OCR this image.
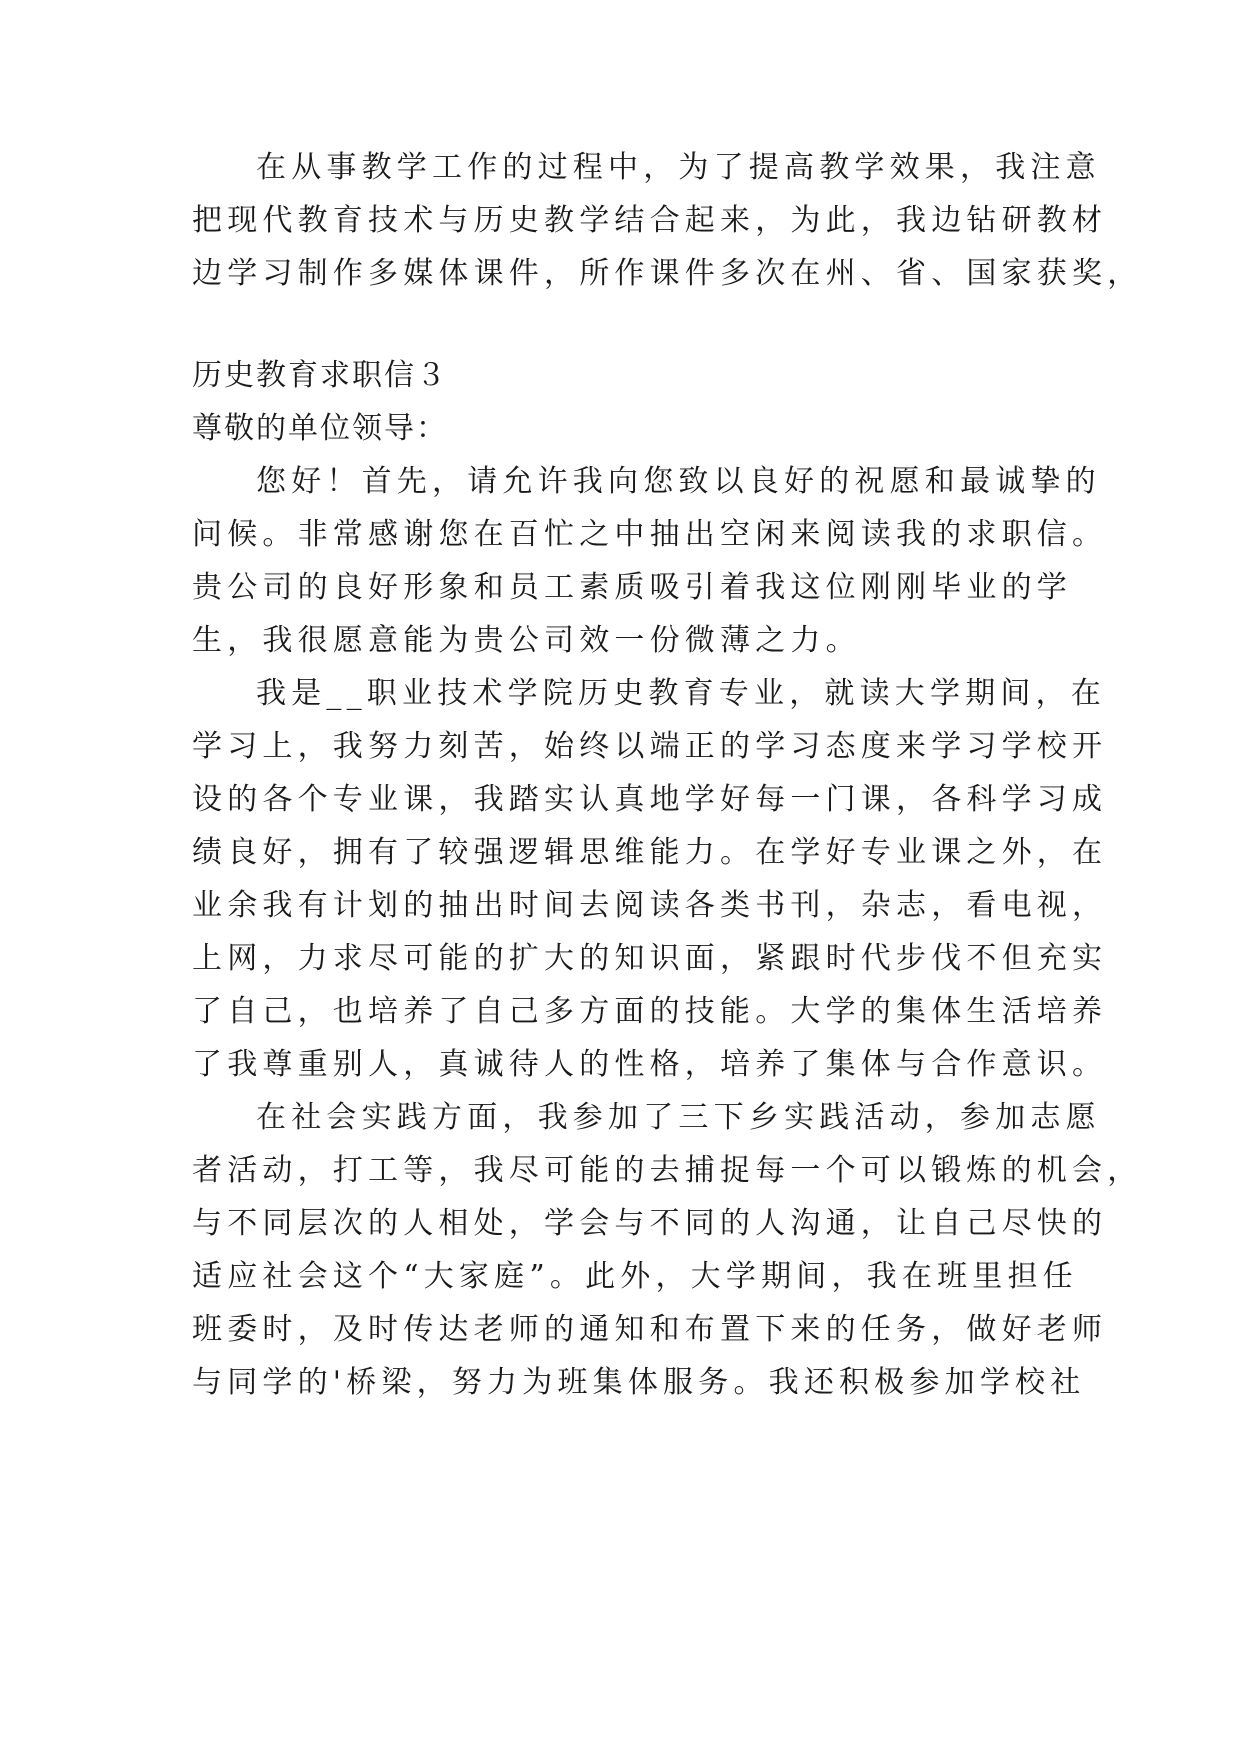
在从事教学工作的过程中，为了提高教学效果，我注意
把现代教育技术与历史教学结合起来，为此，我边钻研教材
边学习制作多媒体课件，所作课件多次在州、省、国家获奖，
历史教育求职信３
尊敬的单位领导：
您好！首先，请允许我向您致以良好的祝愿和最诚挚的
问候。非常感谢您在百忙之中抽出空闲来阅读我的求职信。
贵公司的良好形象和员工素质吸引着我这位刚刚毕业的学
生，我很愿意能为贵公司效一份微薄之力。
我是__职业技术学院历史教育专业，就读大学期间，在
学习上，我努力刻苦，始终以端正的学习态度来学习学校开
设的各个专业课，我踏实认真地学好每一门课，各科学习成
绩良好，拥有了较强逻辑思维能力。在学好专业课之外，在
业余我有计划的抽出时间去阅读各类书刊，杂志，看电视，
上网，力求尽可能的扩大的知识面，紧跟时代步伐不但充实
了自己，也培养了自己多方面的技能。大学的集体生活培养
了我尊重别人，真诚待人的性格，培养了集体与合作意识。
在社会实践方面，我参加了三下乡实践活动，参加志愿
者活动，打工等，我尽可能的去捕捉每一个可以锻炼的机会，
与不同层次的人相处，学会与不同的人沟通，让自己尽快的
适应社会这个“大家庭”。此外，大学期间，我在班里担任
班委时，及时传达老师的通知和布置下来的任务，做好老师
与同学的'桥梁，努力为班集体服务。我还积极参加学校社
